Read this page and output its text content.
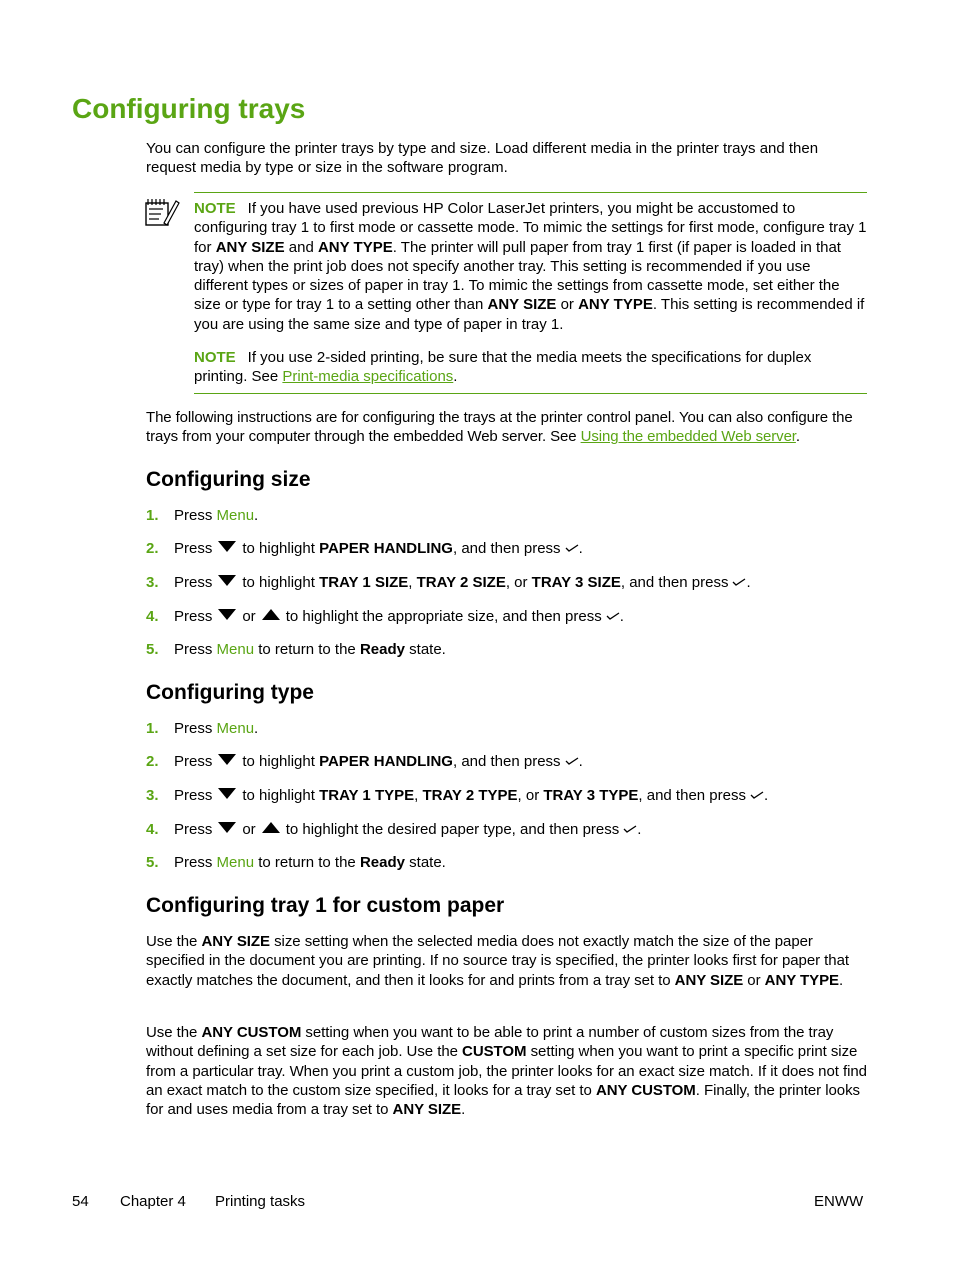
Configuring trays

You can configure the printer trays by type and size. Load different media in the printer trays and then request media by type or size in the software program.

NOTE If you have used previous HP Color LaserJet printers, you might be accustomed to configuring tray 1 to first mode or cassette mode. To mimic the settings for first mode, configure tray 1 for ANY SIZE and ANY TYPE. The printer will pull paper from tray 1 first (if paper is loaded in that tray) when the print job does not specify another tray. This setting is recommended if you use different types or sizes of paper in tray 1. To mimic the settings from cassette mode, set either the size or type for tray 1 to a setting other than ANY SIZE or ANY TYPE. This setting is recommended if you are using the same size and type of paper in tray 1.

NOTE If you use 2-sided printing, be sure that the media meets the specifications for duplex printing. See Print-media specifications.

The following instructions are for configuring the trays at the printer control panel. You can also configure the trays from your computer through the embedded Web server. See Using the embedded Web server.

Configuring size
1. Press Menu.
2. Press to highlight PAPER HANDLING, and then press .
3. Press to highlight TRAY 1 SIZE, TRAY 2 SIZE, or TRAY 3 SIZE, and then press .
4. Press or to highlight the appropriate size, and then press .
5. Press Menu to return to the Ready state.
Configuring type
1. Press Menu.
2. Press to highlight PAPER HANDLING, and then press .
3. Press to highlight TRAY 1 TYPE, TRAY 2 TYPE, or TRAY 3 TYPE, and then press .
4. Press or to highlight the desired paper type, and then press .
5. Press Menu to return to the Ready state.
Configuring tray 1 for custom paper

Use the ANY SIZE size setting when the selected media does not exactly match the size of the paper specified in the document you are printing. If no source tray is specified, the printer looks first for paper that exactly matches the document, and then it looks for and prints from a tray set to ANY SIZE or ANY TYPE.

Use the ANY CUSTOM setting when you want to be able to print a number of custom sizes from the tray without defining a set size for each job. Use the CUSTOM setting when you want to print a specific print size from a particular tray. When you print a custom job, the printer looks for an exact size match. If it does not find an exact match to the custom size specified, it looks for a tray set to ANY CUSTOM. Finally, the printer looks for and uses media from a tray set to ANY SIZE.

54 Chapter 4 Printing tasks	ENWW
